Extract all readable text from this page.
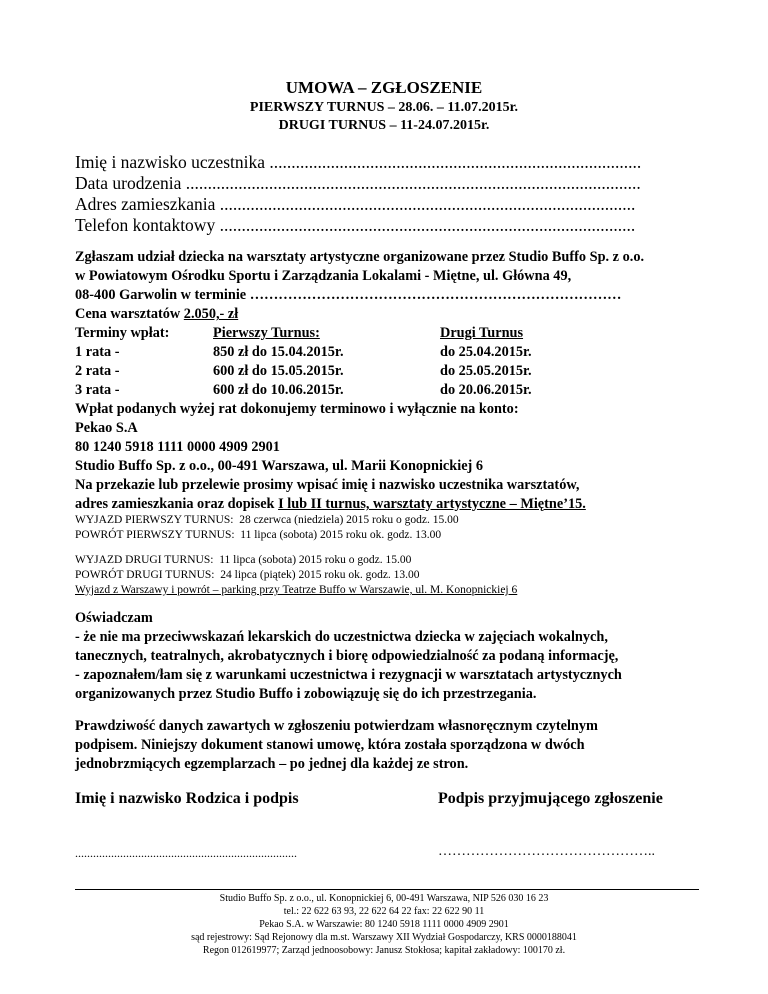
UMOWA – ZGŁOSZENIE
PIERWSZY TURNUS – 28.06. – 11.07.2015r.
DRUGI TURNUS – 11-24.07.2015r.
Imię i nazwisko uczestnika .....................................................................................
Data urodzenia ........................................................................................................
Adres zamieszkania ...............................................................................................
Telefon kontaktowy ...............................................................................................
Zgłaszam udział dziecka na warsztaty artystyczne organizowane przez Studio Buffo Sp. z o.o.
w Powiatowym Ośrodku Sportu i Zarządzania Lokalami - Miętne, ul. Główna 49,
08-400 Garwolin w terminie ……………………………………………………………………
Cena warsztatów 2.050,- zł
Terminy wpłat:	Pierwszy Turnus:	Drugi Turnus
1 rata -	850 zł do 15.04.2015r.	do 25.04.2015r.
2 rata -	600 zł do 15.05.2015r.	do 25.05.2015r.
3 rata -	600 zł do 10.06.2015r.	do 20.06.2015r.
Wpłat podanych wyżej rat dokonujemy terminowo i wyłącznie na konto:
Pekao S.A
80 1240 5918 1111 0000 4909 2901
Studio Buffo Sp. z o.o., 00-491 Warszawa, ul. Marii Konopnickiej 6
Na przekazie lub przelewie prosimy wpisać imię i nazwisko uczestnika warsztatów,
adres zamieszkania oraz dopisek I lub II turnus, warsztaty artystyczne – Miętne’15.
WYJAZD PIERWSZY TURNUS: 28 czerwca (niedziela) 2015 roku o godz. 15.00
POWRÓT PIERWSZY TURNUS: 11 lipca (sobota) 2015 roku ok. godz. 13.00
WYJAZD DRUGI TURNUS: 11 lipca (sobota) 2015 roku o godz. 15.00
POWRÓT DRUGI TURNUS: 24 lipca (piątek) 2015 roku ok. godz. 13.00
Wyjazd z Warszawy i powrót – parking przy Teatrze Buffo w Warszawie, ul. M. Konopnickiej 6
Oświadczam
- że nie ma przeciwwskazań lekarskich do uczestnictwa dziecka w zajęciach wokalnych,
tanecznych, teatralnych, akrobatycznych i biorę odpowiedzialność za podaną informację,
- zapoznałem/łam się z warunkami uczestnictwa i rezygnacji w warsztatach artystycznych
organizowanych przez Studio Buffo i zobowiązuję się do ich przestrzegania.
Prawdziwość danych zawartych w zgłoszeniu potwierdzam własnoręcznym czytelnym
podpisem. Niniejszy dokument stanowi umowę, która została sporządzona w dwóch
jednobrzmiących egzemplarzach – po jednej dla każdej ze stron.
Imię i nazwisko Rodzica i podpis	Podpis przyjmującego zgłoszenie
..........................................................................	………………………………………..
Studio Buffo Sp. z o.o., ul. Konopnickiej 6, 00-491 Warszawa, NIP 526 030 16 23
tel.: 22 622 63 93, 22 622 64 22 fax: 22 622 90 11
Pekao S.A. w Warszawie: 80 1240 5918 1111 0000 4909 2901
sąd rejestrowy: Sąd Rejonowy dla m.st. Warszawy XII Wydział Gospodarczy, KRS 0000188041
Regon 012619977; Zarząd jednoosobowy: Janusz Stokłosa; kapitał zakładowy: 100170 zł.
